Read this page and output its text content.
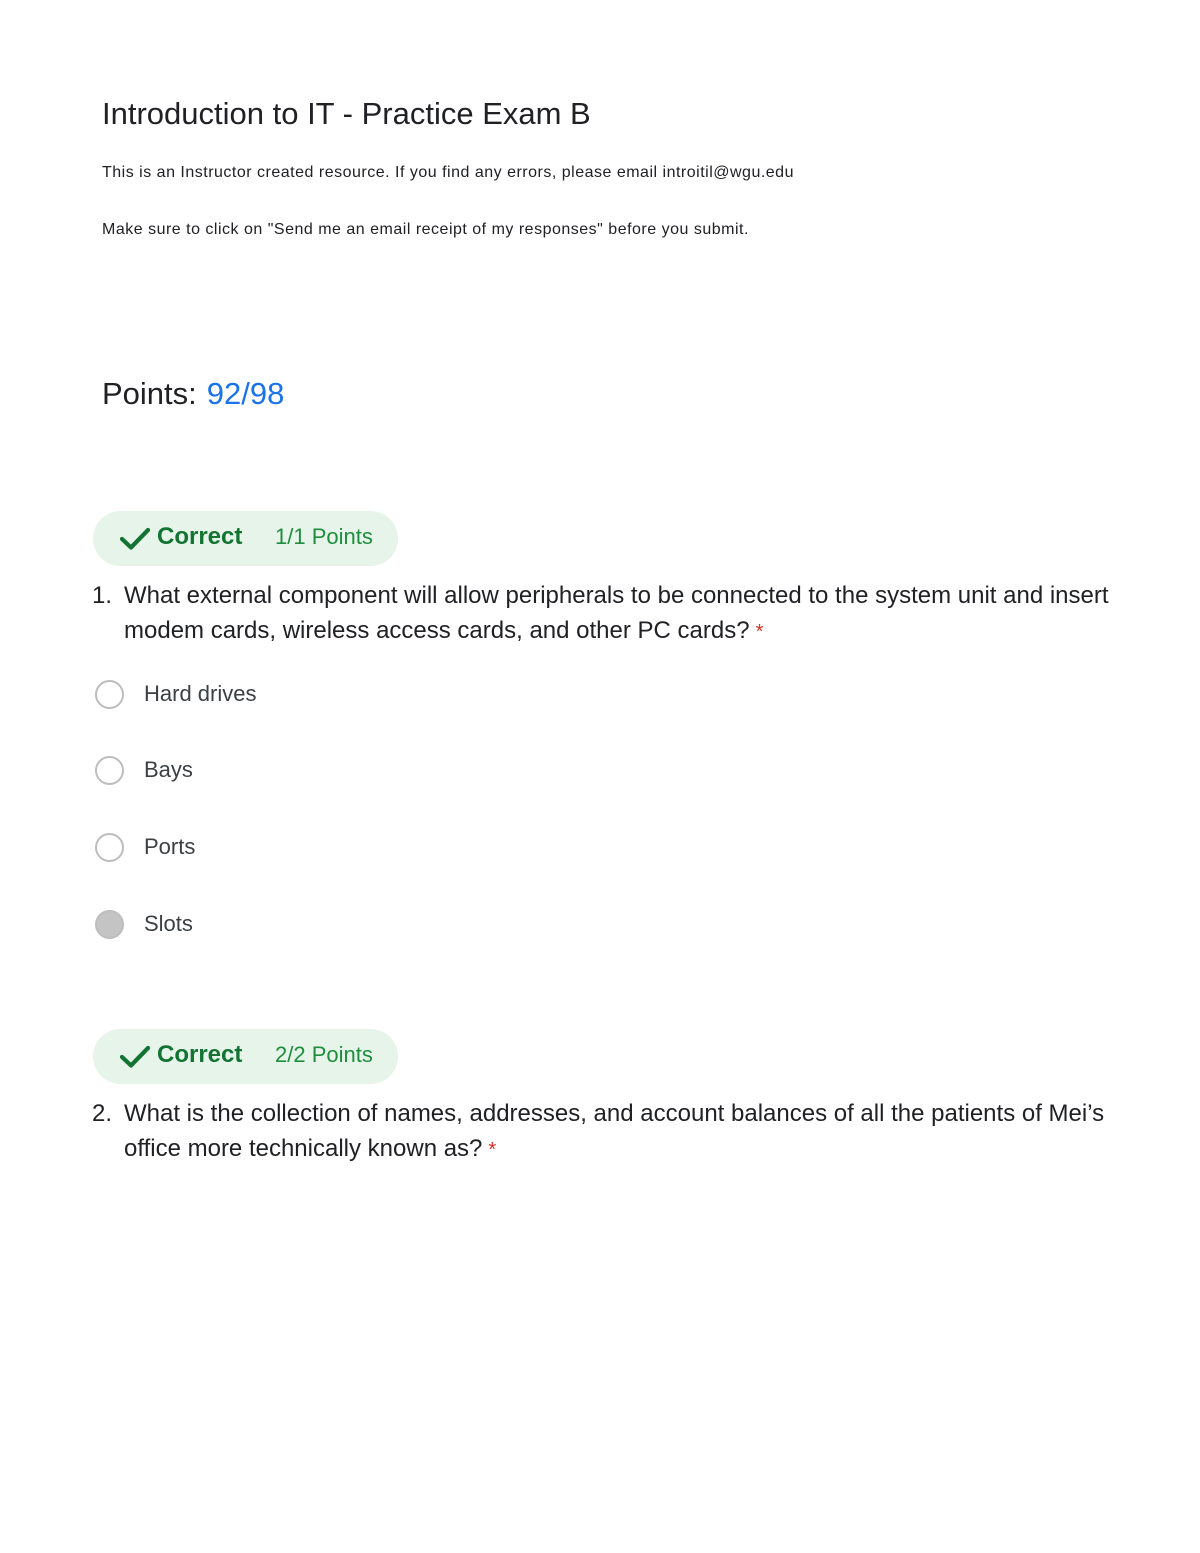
Introduction to IT - Practice Exam B
This is an Instructor created resource. If you find any errors, please email introitil@wgu.edu
Make sure to click on "Send me an email receipt of my responses" before you submit.
Points: 92/98
Correct 1/1 Points
1. What external component will allow peripherals to be connected to the system unit and insert modem cards, wireless access cards, and other PC cards? *
Hard drives
Bays
Ports
Slots
Correct 2/2 Points
2. What is the collection of names, addresses, and account balances of all the patients of Mei’s office more technically known as? *
